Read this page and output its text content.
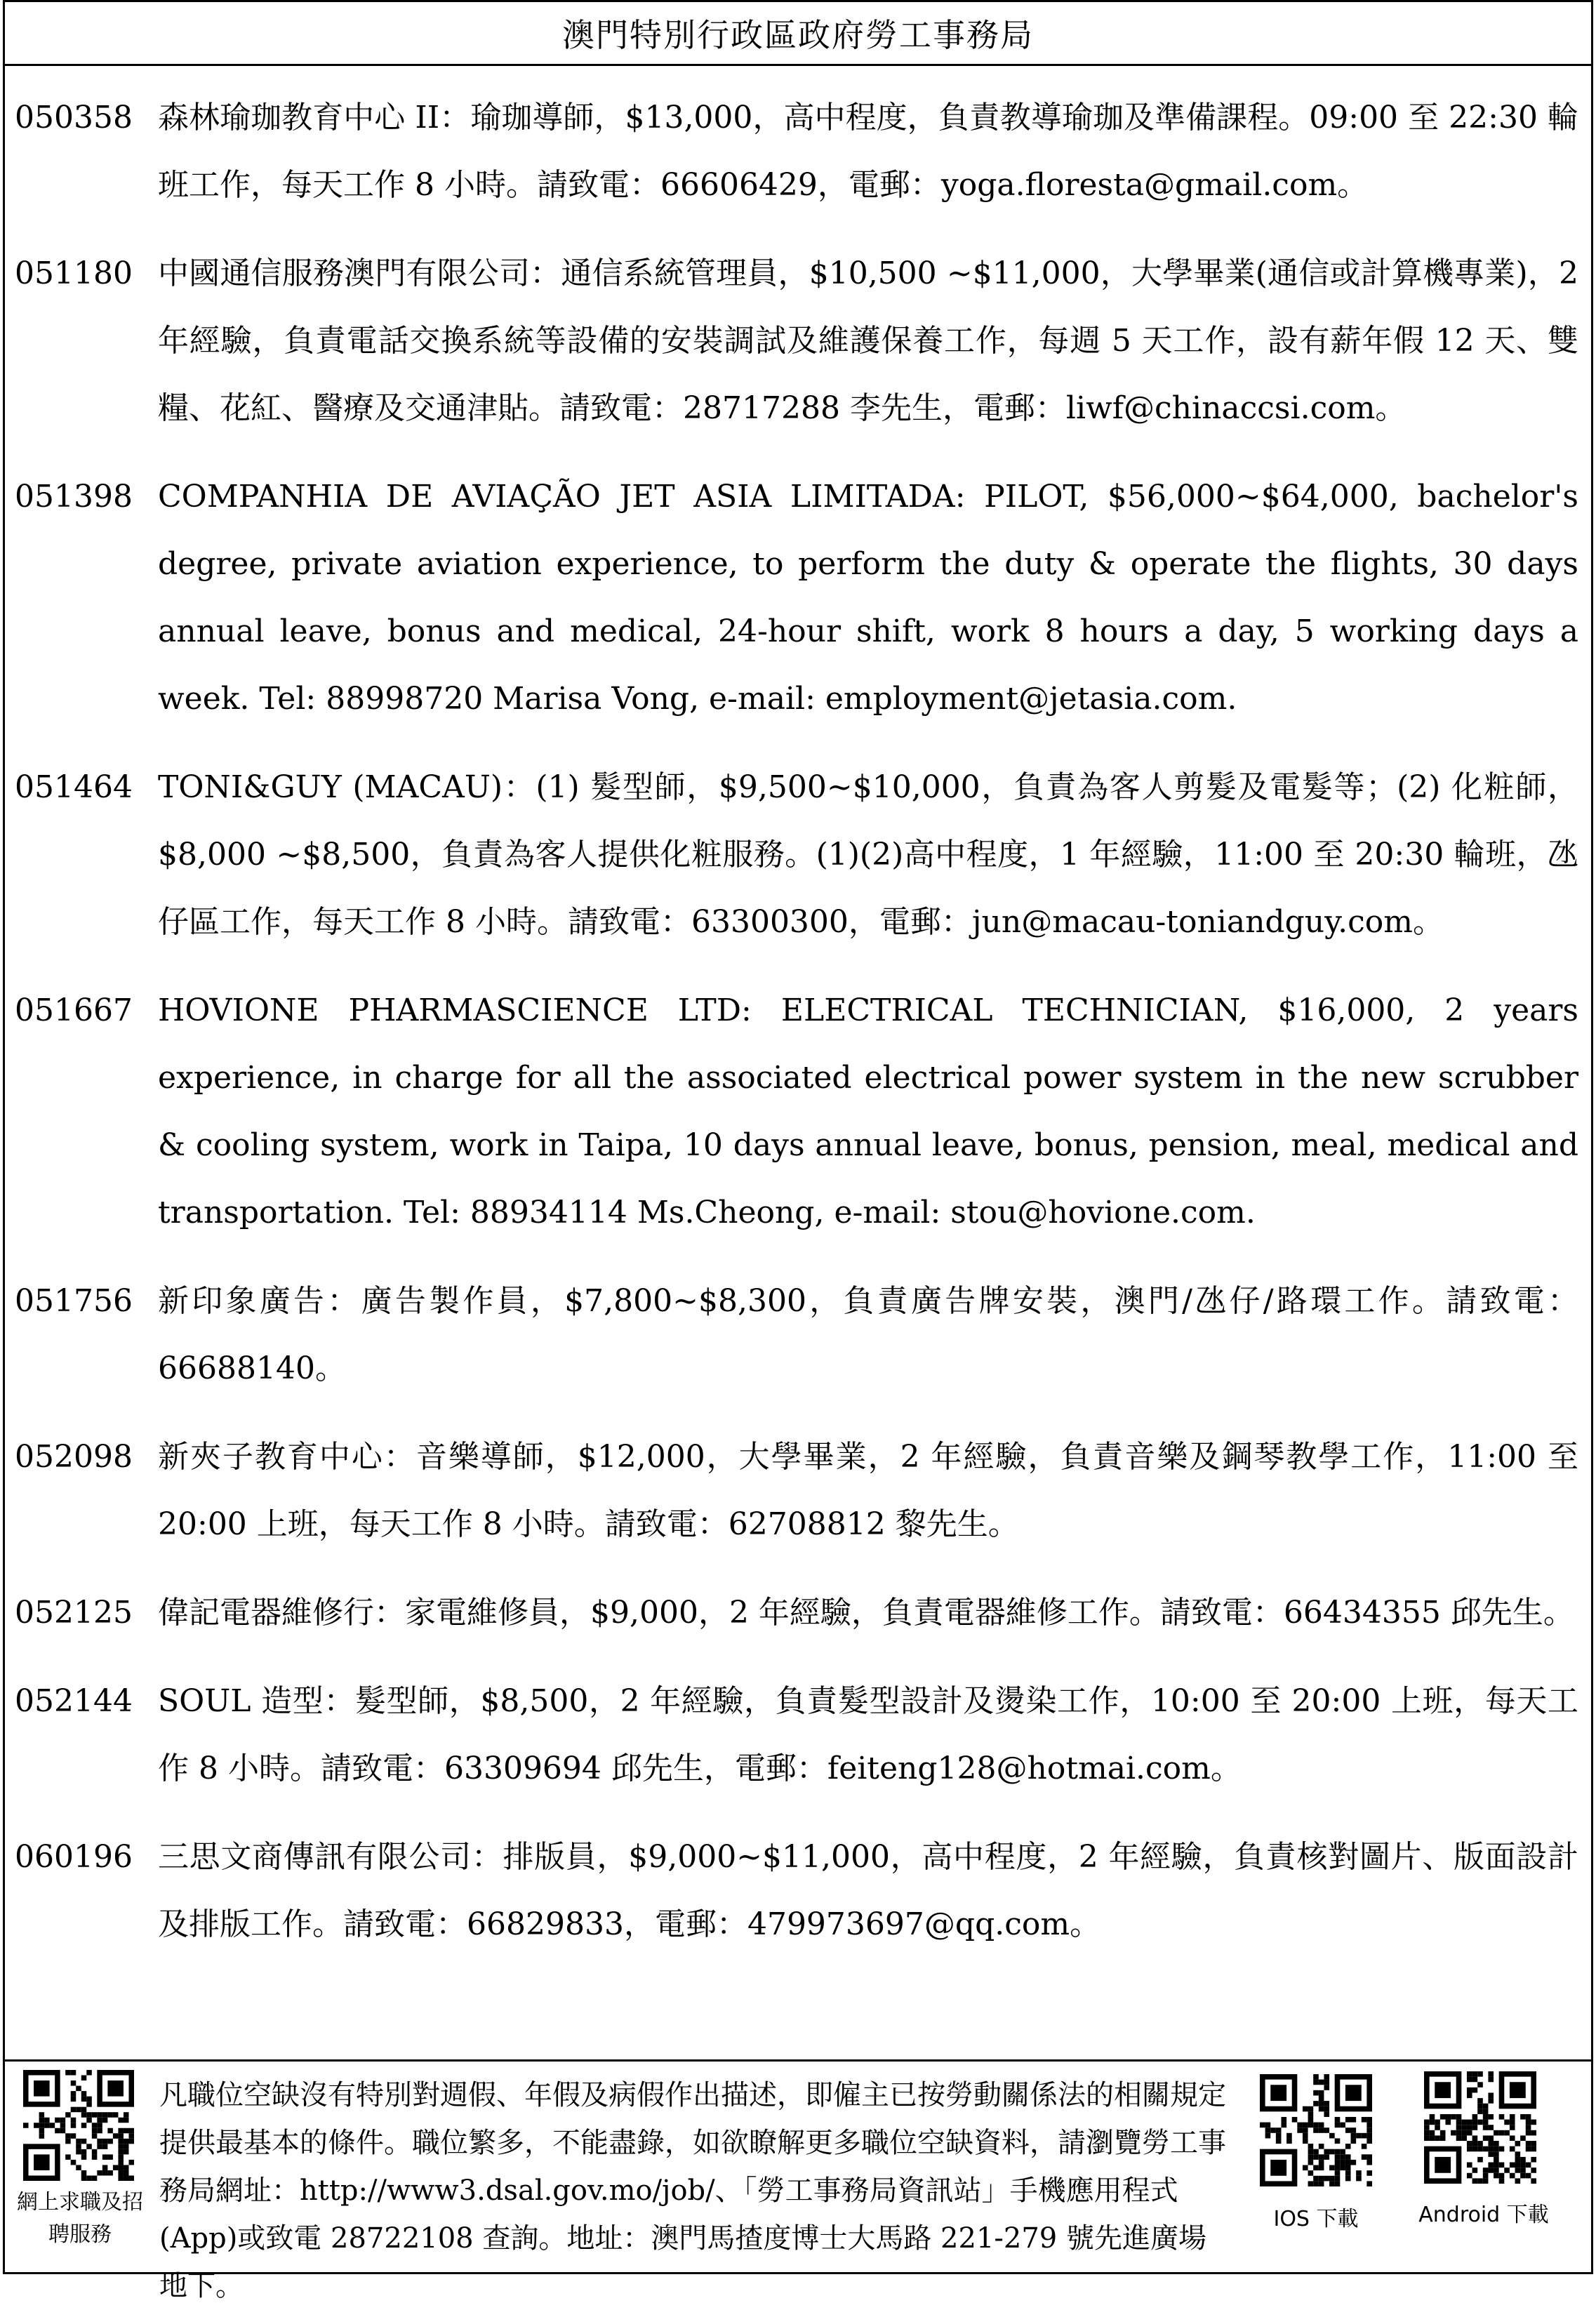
澳門特別行政區政府勞工事務局
050358 森林瑜珈教育中心 II：瑜珈導師，$13,000，高中程度，負責教導瑜珈及準備課程。09:00 至 22:30 輪班工作，每天工作 8 小時。請致電：66606429，電郵：yoga.floresta@gmail.com。
051180 中國通信服務澳門有限公司：通信系統管理員，$10,500 ~$11,000，大學畢業(通信或計算機專業)，2 年經驗，負責電話交換系統等設備的安裝調試及維護保養工作，每週 5 天工作，設有薪年假 12 天、雙糧、花紅、醫療及交通津貼。請致電：28717288 李先生，電郵：liwf@chinaccsi.com。
051398 COMPANHIA DE AVIAÇÃO JET ASIA LIMITADA: PILOT, $56,000~$64,000, bachelor's degree, private aviation experience, to perform the duty & operate the flights, 30 days annual leave, bonus and medical, 24-hour shift, work 8 hours a day, 5 working days a week. Tel: 88998720 Marisa Vong, e-mail: employment@jetasia.com.
051464 TONI&GUY (MACAU)：(1) 髮型師，$9,500~$10,000，負責為客人剪髮及電髮等；(2) 化粧師，$8,000 ~$8,500，負責為客人提供化粧服務。(1)(2)高中程度，1 年經驗，11:00 至 20:30 輪班，氹仔區工作，每天工作 8 小時。請致電：63300300，電郵：jun@macau-toniandguy.com。
051667 HOVIONE PHARMASCIENCE LTD: ELECTRICAL TECHNICIAN, $16,000, 2 years experience, in charge for all the associated electrical power system in the new scrubber & cooling system, work in Taipa, 10 days annual leave, bonus, pension, meal, medical and transportation. Tel: 88934114 Ms.Cheong, e-mail: stou@hovione.com.
051756 新印象廣告：廣告製作員，$7,800~$8,300，負責廣告牌安裝，澳門/氹仔/路環工作。請致電：66688140。
052098 新夾子教育中心：音樂導師，$12,000，大學畢業，2 年經驗，負責音樂及鋼琴教學工作，11:00 至 20:00 上班，每天工作 8 小時。請致電：62708812 黎先生。
052125 偉記電器維修行：家電維修員，$9,000，2 年經驗，負責電器維修工作。請致電：66434355 邱先生。
052144 SOUL 造型：髮型師，$8,500，2 年經驗，負責髮型設計及燙染工作，10:00 至 20:00 上班，每天工作 8 小時。請致電：63309694 邱先生，電郵：feiteng128@hotmai.com。
060196 三思文商傳訊有限公司：排版員，$9,000~$11,000，高中程度，2 年經驗，負責核對圖片、版面設計及排版工作。請致電：66829833，電郵：479973697@qq.com。
網上求職及招聘服務
凡職位空缺沒有特別對週假、年假及病假作出描述，即僱主已按勞動關係法的相關規定提供最基本的條件。職位繁多，不能盡錄，如欲瞭解更多職位空缺資料，請瀏覽勞工事務局網址：http://www3.dsal.gov.mo/job/、「勞工事務局資訊站」手機應用程式(App)或致電 28722108 查詢。地址：澳門馬揸度博士大馬路 221-279 號先進廣場地下。
IOS 下載	Android 下載
